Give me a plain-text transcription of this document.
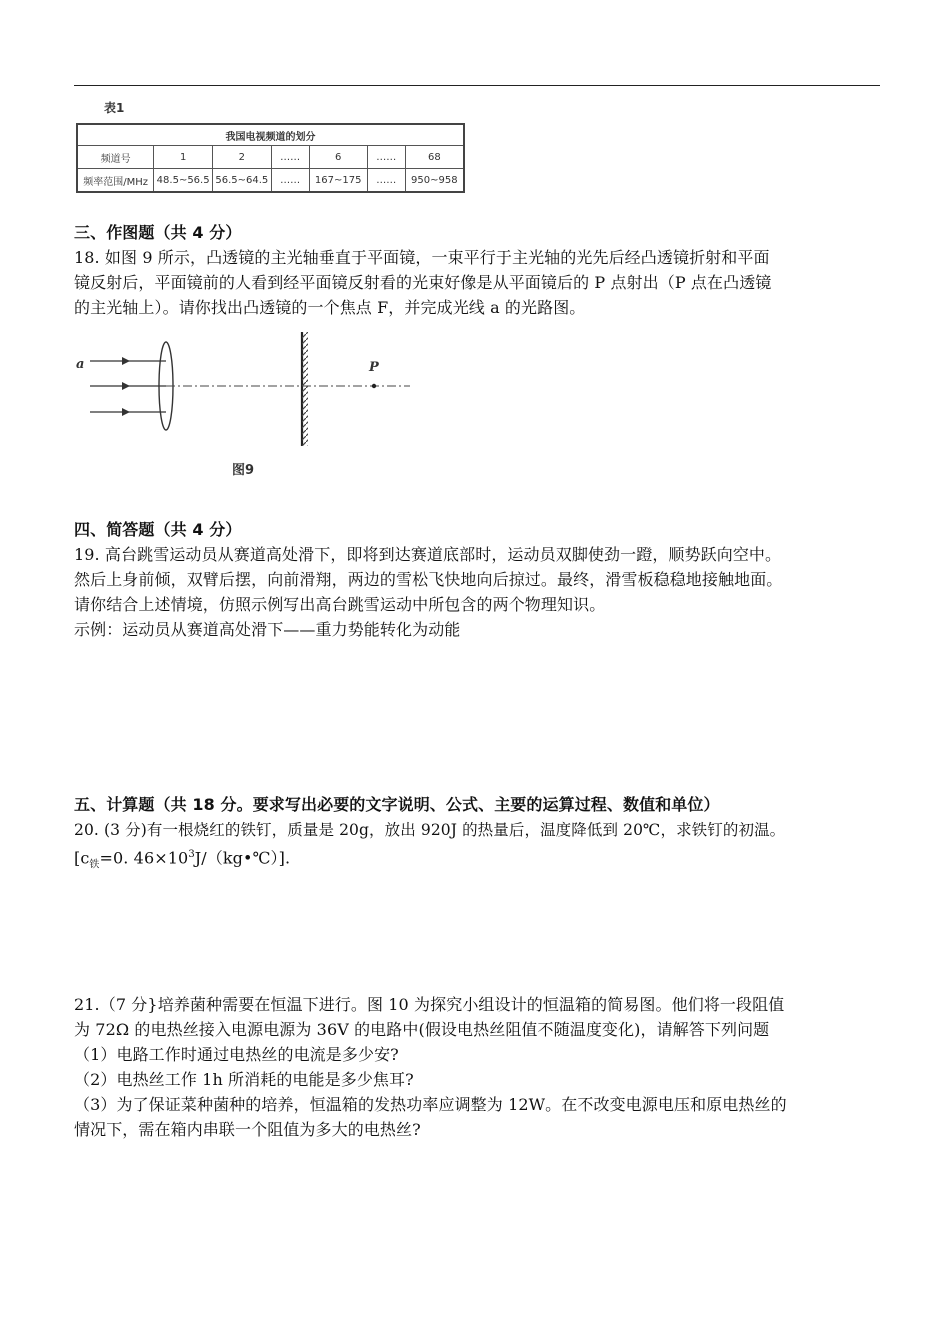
表1
我国电视频道的划分						
频道号	1	2	……	6	……	68
频率范围/MHz	48.5~56.5	56.5~64.5	……	167~175	……	950~958
三、作图题（共 4 分）
18. 如图 9 所示，凸透镜的主光轴垂直于平面镜，一束平行于主光轴的光先后经凸透镜折射和平面
镜反射后，平面镜前的人看到经平面镜反射看的光束好像是从平面镜后的 P 点射出（P 点在凸透镜
的主光轴上）。请你找出凸透镜的一个焦点 F，并完成光线 a 的光路图。
a	P
图9
四、简答题（共 4 分）
19. 高台跳雪运动员从赛道高处滑下，即将到达赛道底部时，运动员双脚使劲一蹬，顺势跃向空中。
然后上身前倾，双臂后摆，向前滑翔，两边的雪松飞快地向后掠过。最终，滑雪板稳稳地接触地面。
请你结合上述情境，仿照示例写出高台跳雪运动中所包含的两个物理知识。
示例：运动员从赛道高处滑下——重力势能转化为动能
五、计算题（共 18 分。要求写出必要的文字说明、公式、主要的运算过程、数值和单位）
20. (3 分)有一根烧红的铁钉，质量是 20g，放出 920J 的热量后，温度降低到 20℃，求铁钉的初温。
[$c_铁=0$. $46\times 10^3J/(kg•℃)$].
21.（7 分}培养菌种需要在恒温下进行。图 10 为探究小组设计的恒温箱的简易图。他们将一段阻值
为 72Ω 的电热丝接入电源电源为 36V 的电路中(假设电热丝阻值不随温度变化)，请解答下列问题
（1）电路工作时通过电热丝的电流是多少安?
（2）电热丝工作 1h 所消耗的电能是多少焦耳?
（3）为了保证菜种菌种的培养，恒温箱的发热功率应调整为 12W。在不改变电源电压和原电热丝的
情况下，需在箱内串联一个阻值为多大的电热丝?
